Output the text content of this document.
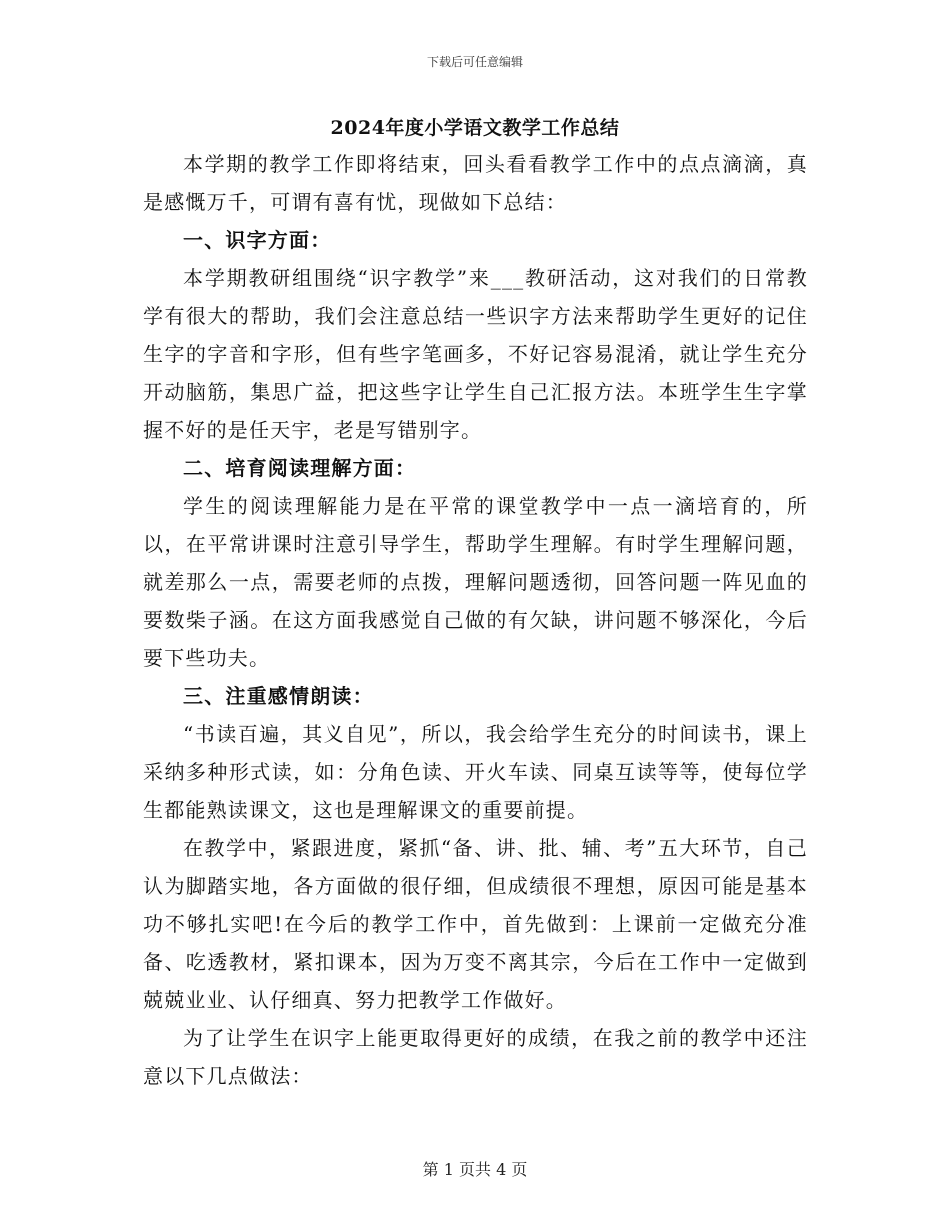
下载后可任意编辑
2024年度小学语文教学工作总结

本学期的教学工作即将结束，回头看看教学工作中的点点滴滴，真是感慨万千，可谓有喜有忧，现做如下总结：

一、识字方面：

本学期教研组围绕“识字教学”来___教研活动，这对我们的日常教学有很大的帮助，我们会注意总结一些识字方法来帮助学生更好的记住生字的字音和字形，但有些字笔画多，不好记容易混淆，就让学生充分开动脑筋，集思广益，把这些字让学生自己汇报方法。本班学生生字掌握不好的是任天宇，老是写错别字。

二、培育阅读理解方面：

学生的阅读理解能力是在平常的课堂教学中一点一滴培育的，所以，在平常讲课时注意引导学生，帮助学生理解。有时学生理解问题，就差那么一点，需要老师的点拨，理解问题透彻，回答问题一阵见血的要数柴子涵。在这方面我感觉自己做的有欠缺，讲问题不够深化，今后要下些功夫。

三、注重感情朗读：

“书读百遍，其义自见”，所以，我会给学生充分的时间读书，课上采纳多种形式读，如：分角色读、开火车读、同桌互读等等，使每位学生都能熟读课文，这也是理解课文的重要前提。

在教学中，紧跟进度，紧抓“备、讲、批、辅、考”五大环节，自己认为脚踏实地，各方面做的很仔细，但成绩很不理想，原因可能是基本功不够扎实吧!在今后的教学工作中，首先做到：上课前一定做充分准备、吃透教材，紧扣课本，因为万变不离其宗，今后在工作中一定做到兢兢业业、认仔细真、努力把教学工作做好。

为了让学生在识字上能更取得更好的成绩，在我之前的教学中还注意以下几点做法：

第 1 页共 4 页
